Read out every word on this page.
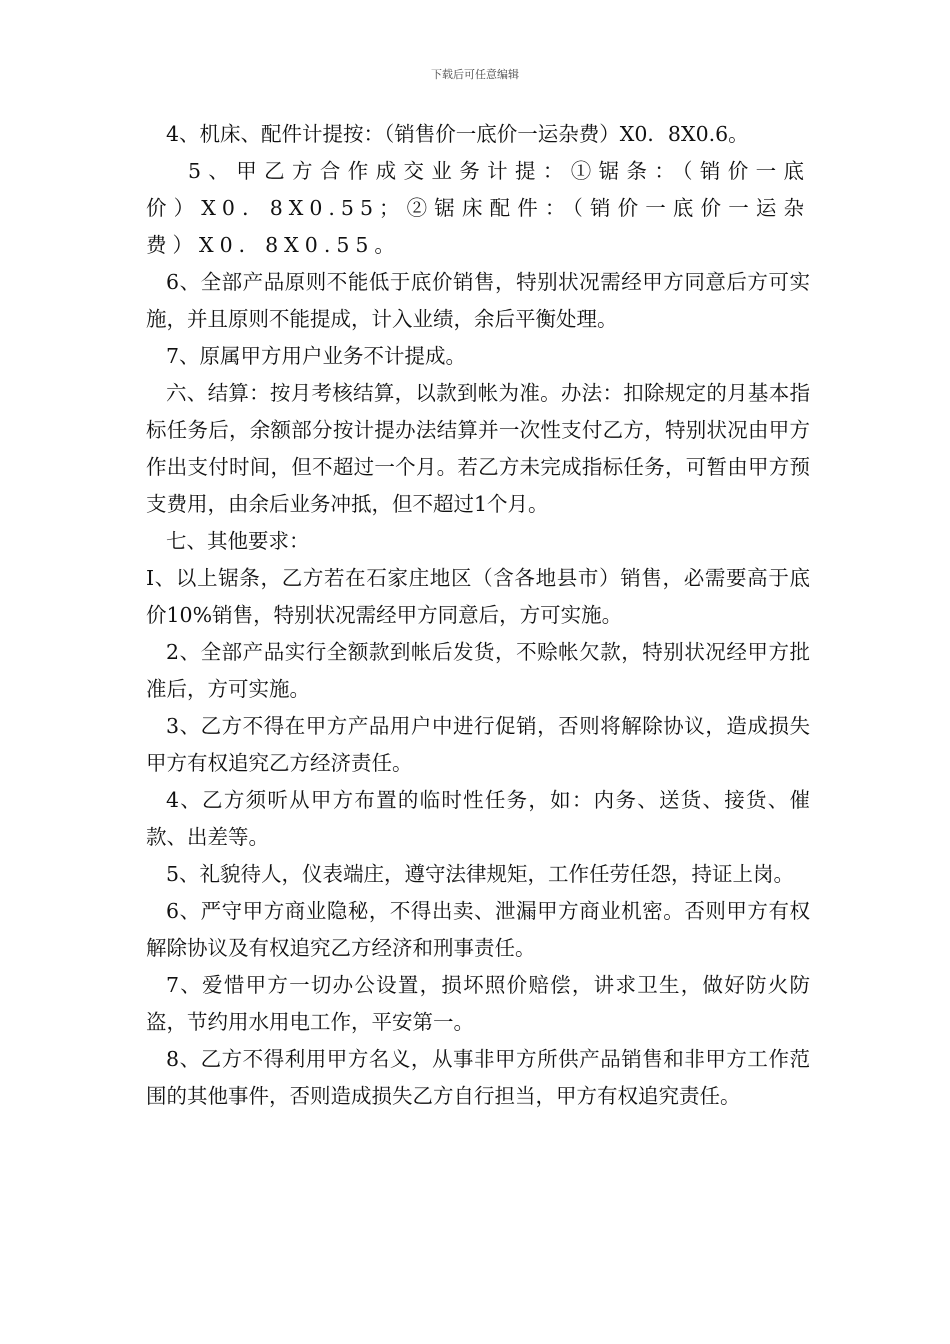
下载后可任意编辑

4、机床、配件计提按：（销售价一底价一运杂费）X0．8X0.6。

5、甲乙方合作成交业务计提：①锯条：（销价一底价）X0．8X0.55；②锯床配件：（销价一底价一运杂费）X0．8X0.55。

6、全部产品原则不能低于底价销售，特别状况需经甲方同意后方可实施，并且原则不能提成，计入业绩，余后平衡处理。

7、原属甲方用户业务不计提成。

六、结算：按月考核结算，以款到帐为准。办法：扣除规定的月基本指标任务后，余额部分按计提办法结算并一次性支付乙方，特别状况由甲方作出支付时间，但不超过一个月。若乙方未完成指标任务，可暂由甲方预支费用，由余后业务冲抵，但不超过1个月。

七、其他要求：

I、以上锯条，乙方若在石家庄地区（含各地县市）销售，必需要高于底价10%销售，特别状况需经甲方同意后，方可实施。

2、全部产品实行全额款到帐后发货，不赊帐欠款，特别状况经甲方批准后，方可实施。

3、乙方不得在甲方产品用户中进行促销，否则将解除协议，造成损失甲方有权追究乙方经济责任。

4、乙方须听从甲方布置的临时性任务，如：内务、送货、接货、催款、出差等。

5、礼貌待人，仪表端庄，遵守法律规矩，工作任劳任怨，持证上岗。

6、严守甲方商业隐秘，不得出卖、泄漏甲方商业机密。否则甲方有权解除协议及有权追究乙方经济和刑事责任。

7、爱惜甲方一切办公设置，损坏照价赔偿，讲求卫生，做好防火防盗，节约用水用电工作，平安第一。

8、乙方不得利用甲方名义，从事非甲方所供产品销售和非甲方工作范围的其他事件，否则造成损失乙方自行担当，甲方有权追究责任。
